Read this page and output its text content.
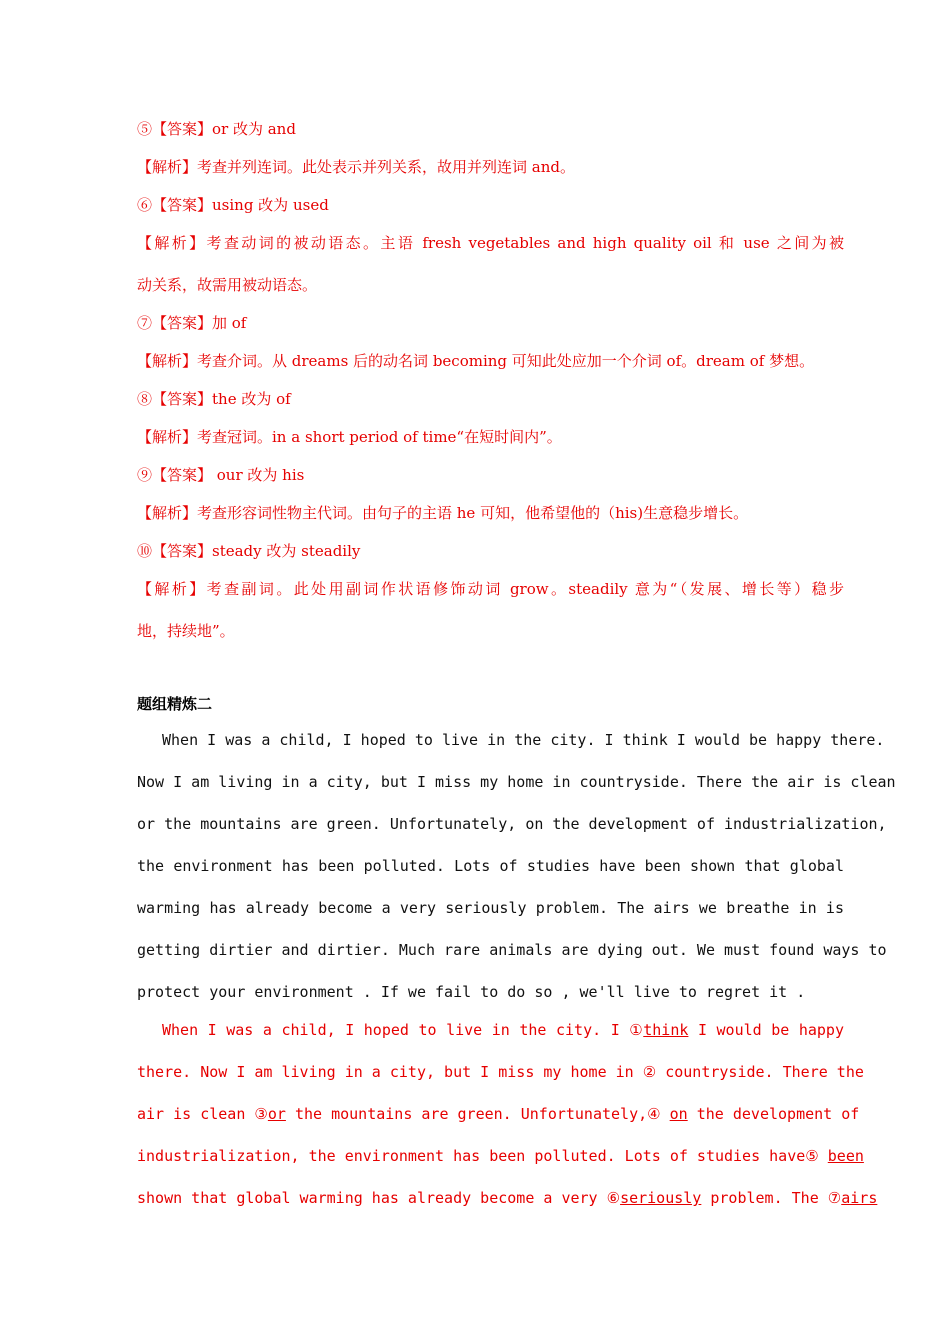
⑤【答案】or 改为 and
【解析】考查并列连词。此处表示并列关系，故用并列连词 and。
⑥【答案】using 改为 used
【解析】考查动词的被动语态。主语 fresh vegetables and high quality oil 和 use 之间为被
动关系，故需用被动语态。
⑦【答案】加 of
【解析】考查介词。从 dreams 后的动名词 becoming 可知此处应加一个介词 of。dream of 梦想。
⑧【答案】the 改为 of
【解析】考查冠词。in a short period of time“在短时间内”。
⑨【答案】 our 改为 his
【解析】考查形容词性物主代词。由句子的主语 he 可知，他希望他的（his)生意稳步增长。
⑩【答案】steady 改为 steadily
【解析】考查副词。此处用副词作状语修饰动词 grow。steadily 意为“（发展、增长等）稳步
地，持续地”。
题组精炼二
When I was a child, I hoped to live in the city. I think I would be happy there.
Now I am living in a city, but I miss my home in countryside. There the air is clean
or the mountains are green. Unfortunately, on the development of industrialization,
the environment has been polluted. Lots of studies have been shown that global
warming has already become a very seriously problem. The airs we breathe in is
getting dirtier and dirtier. Much rare animals are dying out. We must found ways to
protect your environment . If we fail to do so , we'll live to regret it .
When I was a child, I hoped to live in the city. I ①think I would be happy
there. Now I am living in a city, but I miss my home in ② countryside. There the
air is clean ③or the mountains are green. Unfortunately,④ on the development of
industrialization, the environment has been polluted. Lots of studies have⑤ been
shown that global warming has already become a very ⑥seriously problem. The ⑦airs
